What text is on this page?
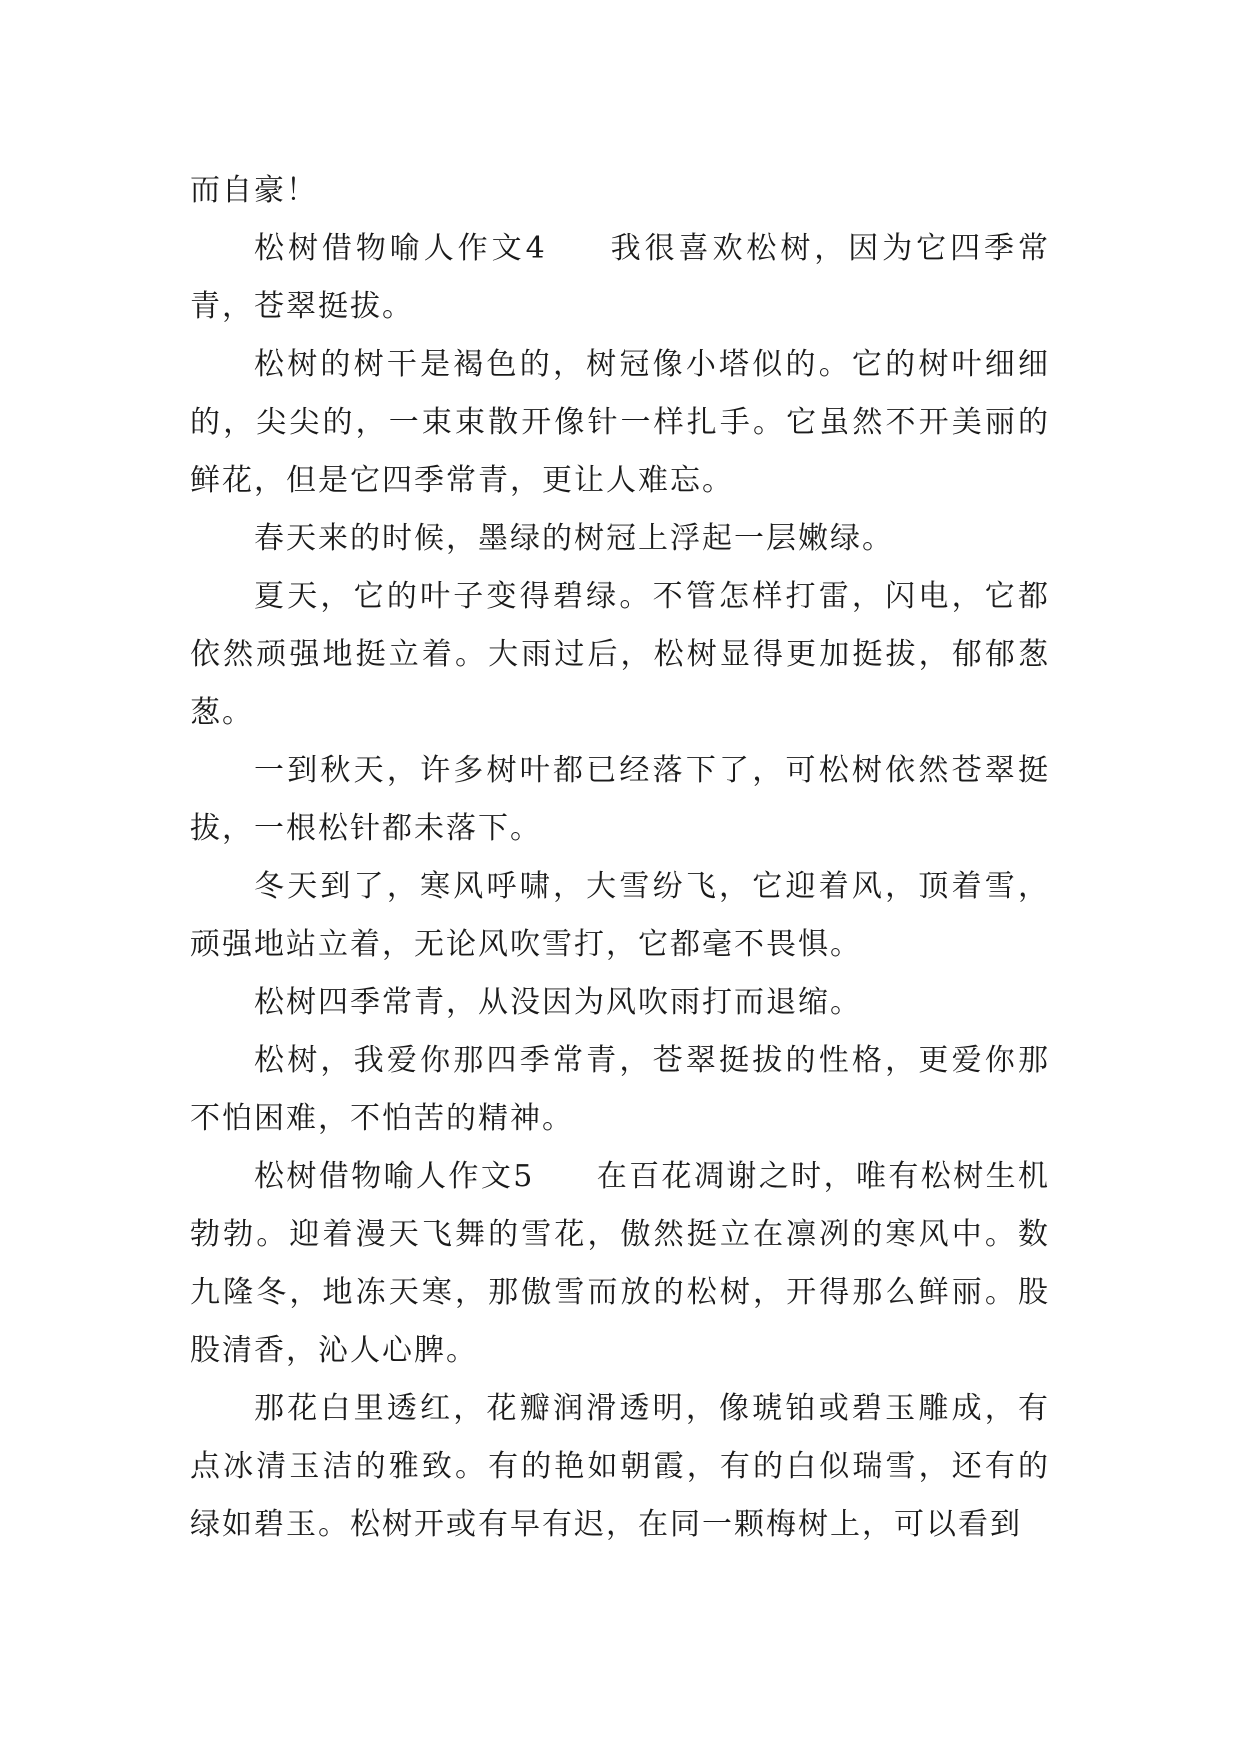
而自豪！

松树借物喻人作文4 我很喜欢松树，因为它四季常青，苍翠挺拔。

松树的树干是褐色的，树冠像小塔似的。它的树叶细细的，尖尖的，一束束散开像针一样扎手。它虽然不开美丽的鲜花，但是它四季常青，更让人难忘。

春天来的时候，墨绿的树冠上浮起一层嫩绿。

夏天，它的叶子变得碧绿。不管怎样打雷，闪电，它都依然顽强地挺立着。大雨过后，松树显得更加挺拔，郁郁葱葱。

一到秋天，许多树叶都已经落下了，可松树依然苍翠挺拔，一根松针都未落下。

冬天到了，寒风呼啸，大雪纷飞，它迎着风，顶着雪，顽强地站立着，无论风吹雪打，它都毫不畏惧。

松树四季常青，从没因为风吹雨打而退缩。

松树，我爱你那四季常青，苍翠挺拔的性格，更爱你那不怕困难，不怕苦的精神。

松树借物喻人作文5 在百花凋谢之时，唯有松树生机勃勃。迎着漫天飞舞的雪花，傲然挺立在凛冽的寒风中。数九隆冬，地冻天寒，那傲雪而放的松树，开得那么鲜丽。股股清香，沁人心脾。

那花白里透红，花瓣润滑透明，像琥铂或碧玉雕成，有点冰清玉洁的雅致。有的艳如朝霞，有的白似瑞雪，还有的绿如碧玉。松树开或有早有迟，在同一颗梅树上，可以看到
